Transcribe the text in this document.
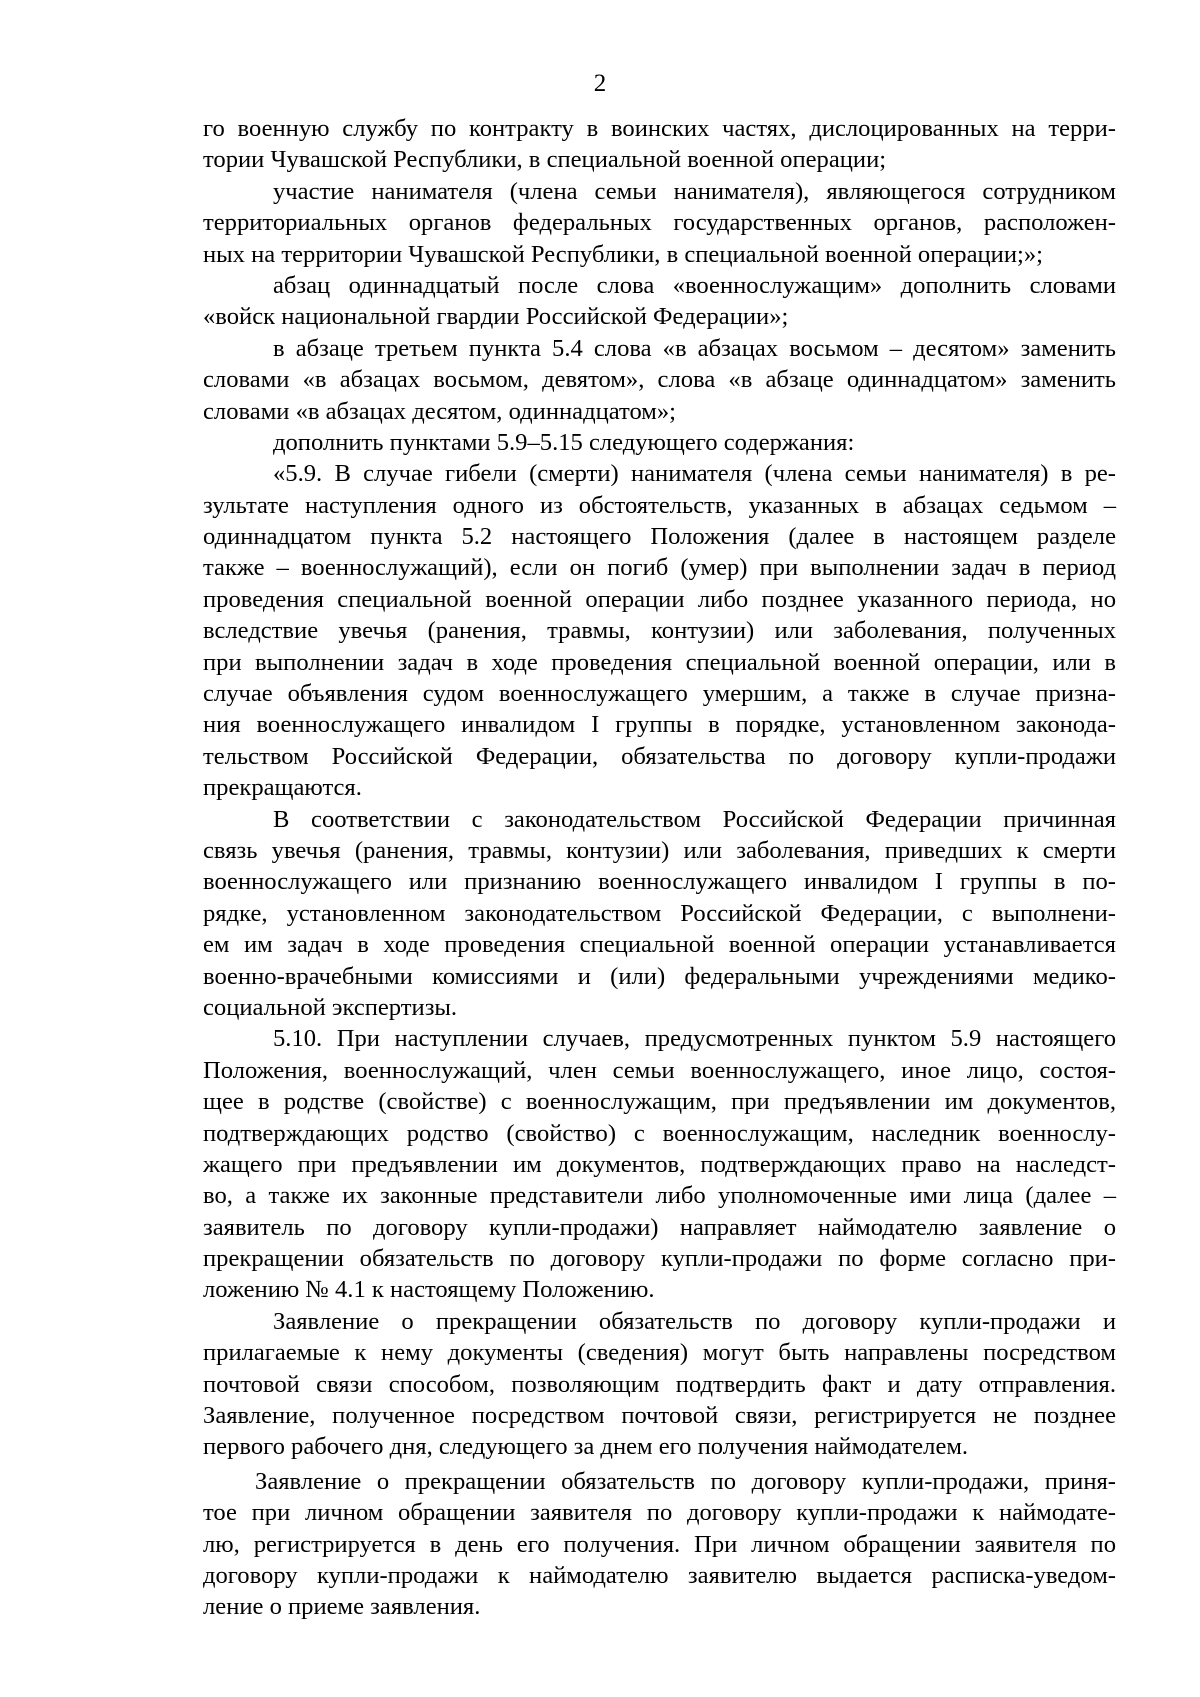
2
го военную службу по контракту в воинских частях, дислоцированных на терри-
тории Чувашской Республики, в специальной военной операции;
участие нанимателя (члена семьи нанимателя), являющегося сотрудником
территориальных органов федеральных государственных органов, расположен-
ных на территории Чувашской Республики, в специальной военной операции;»;
абзац одиннадцатый после слова «военнослужащим» дополнить словами
«войск национальной гвардии Российской Федерации»;
в абзаце третьем пункта 5.4 слова «в абзацах восьмом – десятом» заменить
словами «в абзацах восьмом, девятом», слова «в абзаце одиннадцатом» заменить
словами «в абзацах десятом, одиннадцатом»;
дополнить пунктами 5.9–5.15 следующего содержания:
«5.9. В случае гибели (смерти) нанимателя (члена семьи нанимателя) в ре-
зультате наступления одного из обстоятельств, указанных в абзацах седьмом –
одиннадцатом пункта 5.2 настоящего Положения (далее в настоящем разделе
также – военнослужащий), если он погиб (умер) при выполнении задач в период
проведения специальной военной операции либо позднее указанного периода, но
вследствие увечья (ранения, травмы, контузии) или заболевания, полученных
при выполнении задач в ходе проведения специальной военной операции, или в
случае объявления судом военнослужащего умершим, а также в случае призна-
ния военнослужащего инвалидом I группы в порядке, установленном законода-
тельством Российской Федерации, обязательства по договору купли-продажи
прекращаются.
В соответствии с законодательством Российской Федерации причинная
связь увечья (ранения, травмы, контузии) или заболевания, приведших к смерти
военнослужащего или признанию военнослужащего инвалидом I группы в по-
рядке, установленном законодательством Российской Федерации, с выполнени-
ем им задач в ходе проведения специальной военной операции устанавливается
военно-врачебными комиссиями и (или) федеральными учреждениями медико-
социальной экспертизы.
5.10. При наступлении случаев, предусмотренных пунктом 5.9 настоящего
Положения, военнослужащий, член семьи военнослужащего, иное лицо, состоя-
щее в родстве (свойстве) с военнослужащим, при предъявлении им документов,
подтверждающих родство (свойство) с военнослужащим, наследник военнослу-
жащего при предъявлении им документов, подтверждающих право на наследст-
во, а также их законные представители либо уполномоченные ими лица (далее –
заявитель по договору купли-продажи) направляет наймодателю заявление о
прекращении обязательств по договору купли-продажи по форме согласно при-
ложению № 4.1 к настоящему Положению.
Заявление о прекращении обязательств по договору купли-продажи и
прилагаемые к нему документы (сведения) могут быть направлены посредством
почтовой связи способом, позволяющим подтвердить факт и дату отправления.
Заявление, полученное посредством почтовой связи, регистрируется не позднее
первого рабочего дня, следующего за днем его получения наймодателем.
Заявление о прекращении обязательств по договору купли-продажи, приня-
тое при личном обращении заявителя по договору купли-продажи к наймодате-
лю, регистрируется в день его получения. При личном обращении заявителя по
договору купли-продажи к наймодателю заявителю выдается расписка-уведом-
ление о приеме заявления.
